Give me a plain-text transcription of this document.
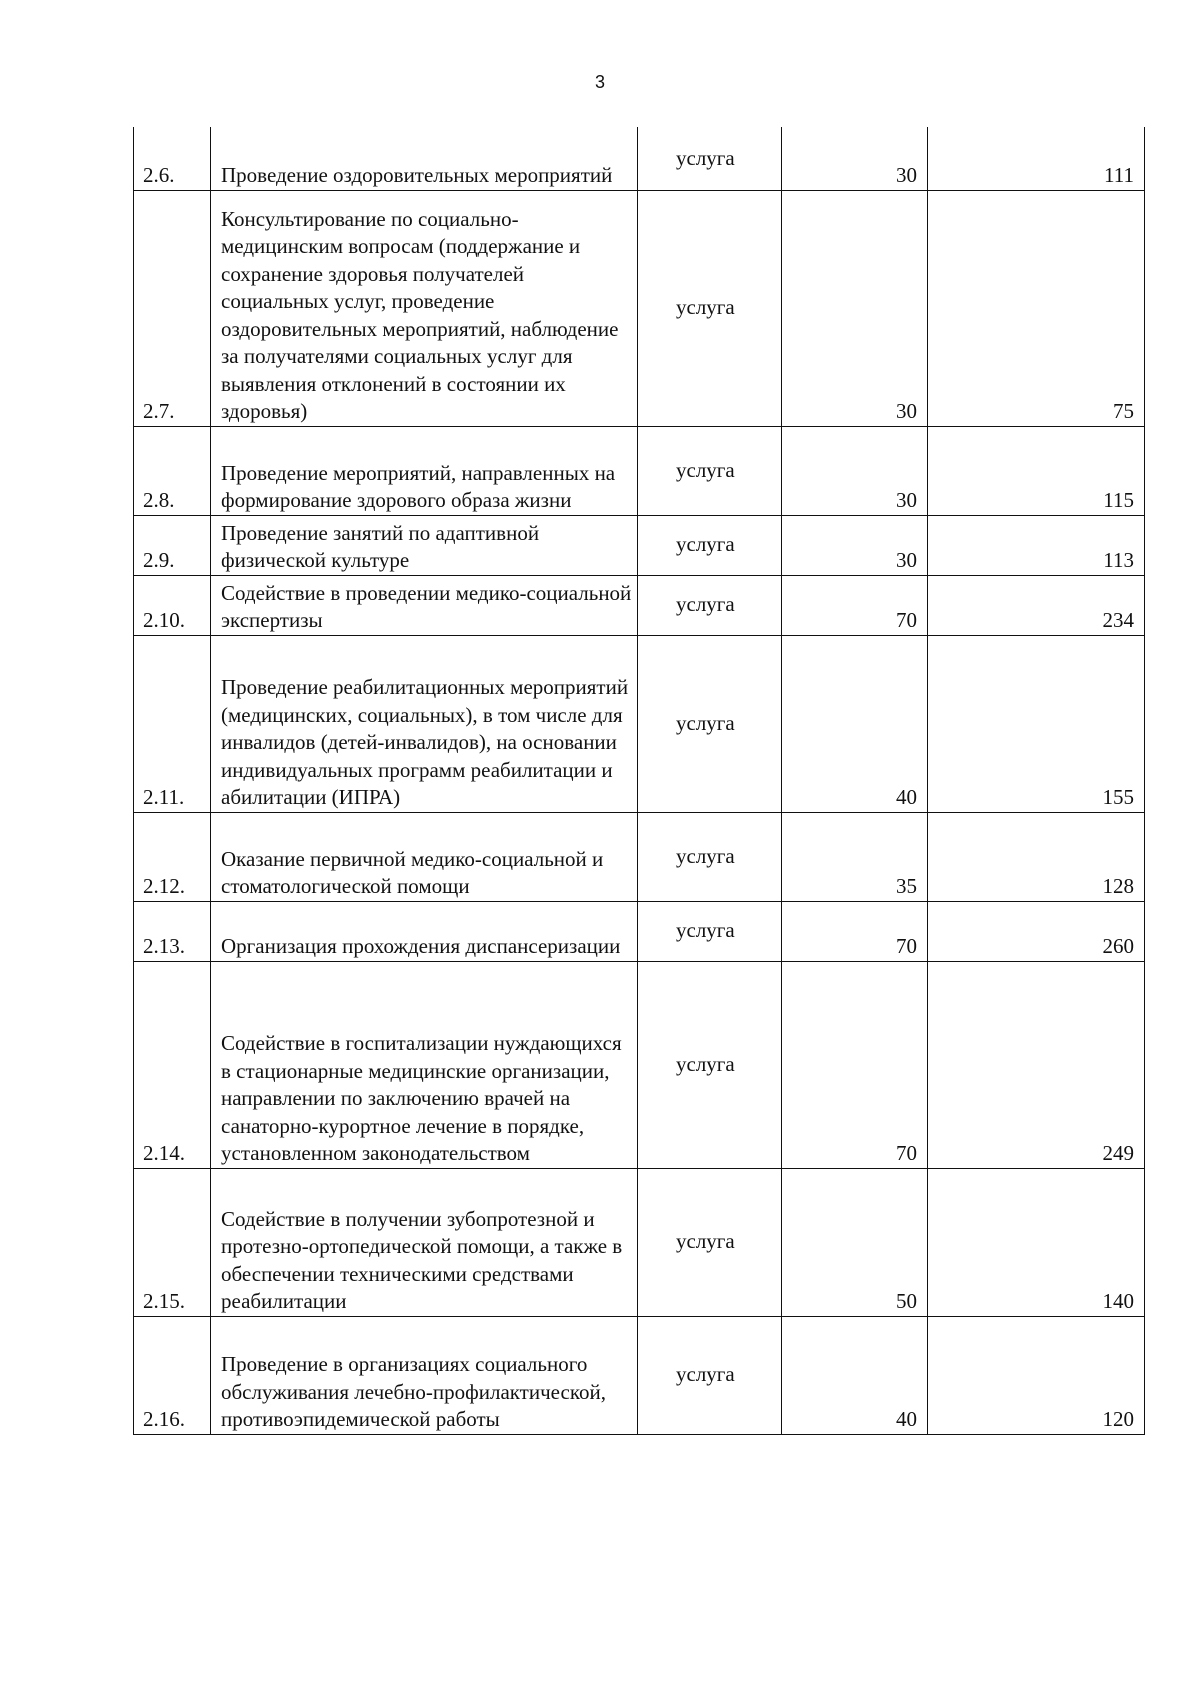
3
2.6.	Проведение оздоровительных мероприятий	услуга	30	111
2.7.	Консультирование по социально-медицинским вопросам (поддержание и сохранение здоровья получателей социальных услуг, проведение оздоровительных мероприятий, наблюдение за получателями социальных услуг для выявления отклонений в состоянии их здоровья)	услуга	30	75
2.8.	Проведение мероприятий, направленных на формирование здорового образа жизни	услуга	30	115
2.9.	Проведение занятий по адаптивной физической культуре	услуга	30	113
2.10.	Содействие в проведении медико-социальной экспертизы	услуга	70	234
2.11.	Проведение реабилитационных мероприятий (медицинских, социальных), в том числе для инвалидов (детей-инвалидов), на основании индивидуальных программ реабилитации и абилитации (ИПРА)	услуга	40	155
2.12.	Оказание первичной медико-социальной и стоматологической помощи	услуга	35	128
2.13.	Организация прохождения диспансеризации	услуга	70	260
2.14.	Содействие в госпитализации нуждающихся в стационарные медицинские организации, направлении по заключению врачей на санаторно-курортное лечение в порядке, установленном законодательством	услуга	70	249
2.15.	Содействие в получении зубопротезной и протезно-ортопедической помощи, а также в обеспечении техническими средствами реабилитации	услуга	50	140
2.16.	Проведение в организациях социального обслуживания лечебно-профилактической, противоэпидемической работы	услуга	40	120
